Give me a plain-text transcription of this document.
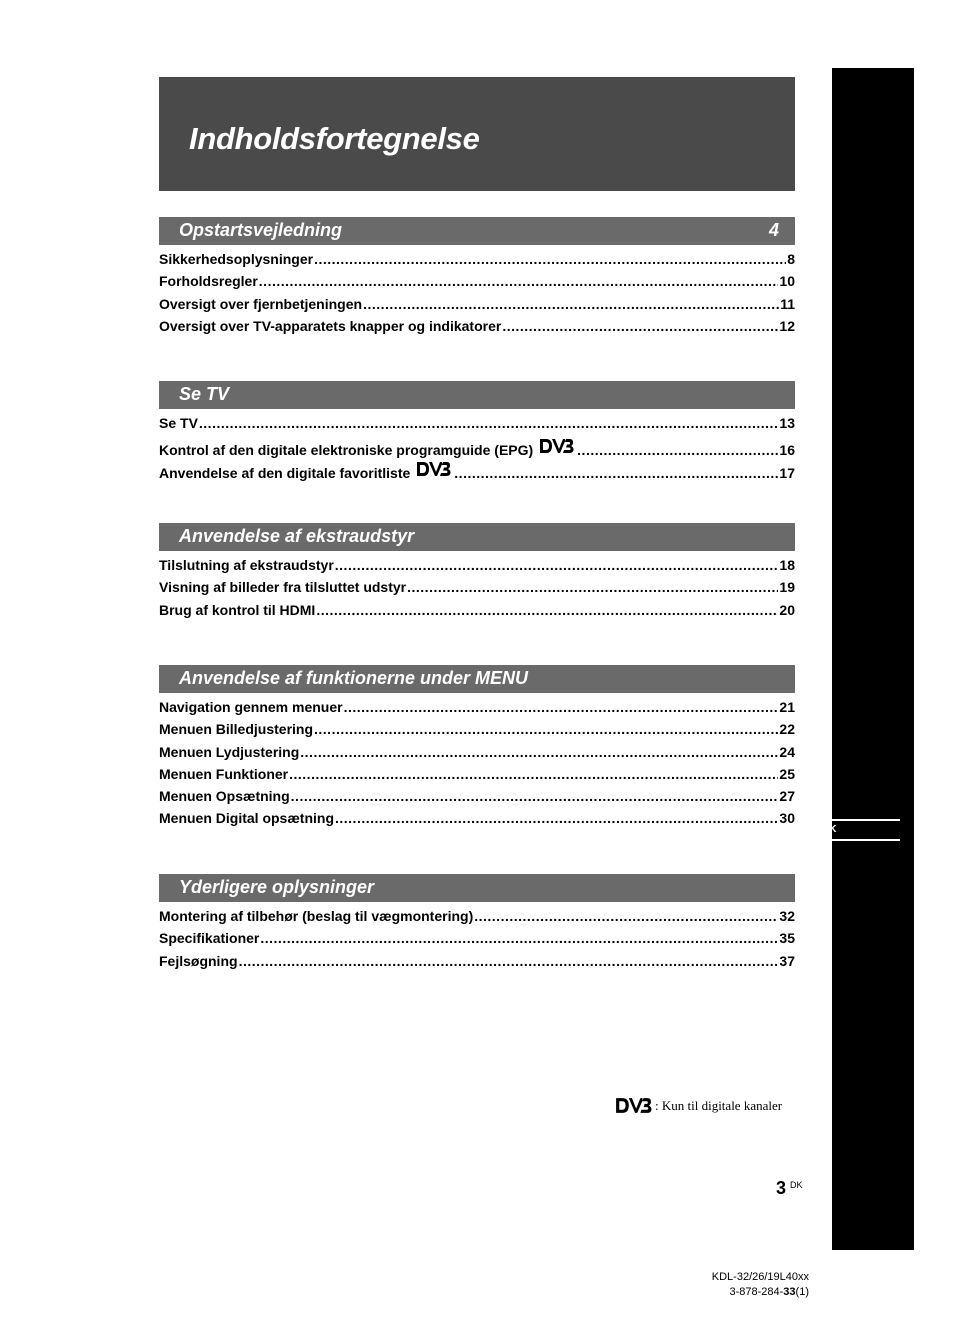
DK
Indholdsfortegnelse
Opstartsvejledning	4
Sikkerhedsoplysninger .....	8
Forholdsregler .....	10
Oversigt over fjernbetjeningen .....	11
Oversigt over TV-apparatets knapper og indikatorer .....	12
Se TV
Se TV .....	13
Kontrol af den digitale elektroniske programguide (EPG) .....	16
Anvendelse af den digitale favoritliste .....	17
Anvendelse af ekstraudstyr
Tilslutning af ekstraudstyr .....	18
Visning af billeder fra tilsluttet udstyr .....	19
Brug af kontrol til HDMI .....	20
Anvendelse af funktionerne under MENU
Navigation gennem menuer .....	21
Menuen Billedjustering .....	22
Menuen Lydjustering .....	24
Menuen Funktioner .....	25
Menuen Opsætning .....	27
Menuen Digital opsætning .....	30
Yderligere oplysninger
Montering af tilbehør (beslag til vægmontering) .....	32
Specifikationer .....	35
Fejlsøgning .....	37
: Kun til digitale kanaler
3 DK
KDL-32/26/19L40xx
3-878-284-33(1)
